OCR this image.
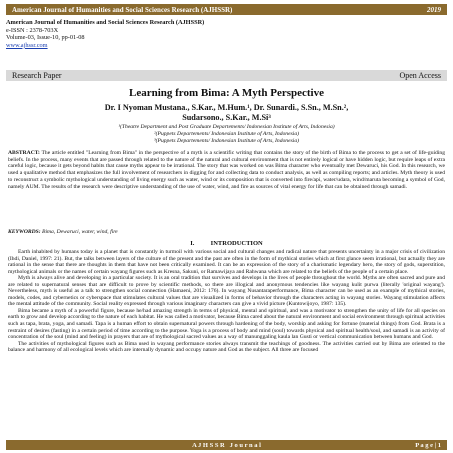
American Journal of Humanities and Social Sciences Research (AJHSSR)	2019
American Journal of Humanities and Social Sciences Research (AJHSSR)
e-ISSN : 2378-703X
Volume-03, Issue-10, pp-01-08
www.ajhssr.com
Research Paper	Open Access
Learning from Bima: A Myth Perspective
Dr. I Nyoman Mustana., S.Kar., M.Hum.¹, Dr. Sunardi., S.Sn., M.Sn.²,
Sudarsono., S.Kar., M.Si³
¹(Theatre Department and Post Graduate Departements/ Indonesian Institute of Arts, Indonesia)
²(Puppets Departements/ Indonesian Institute of Arts, Indonesia)
³(Puppets Departements/ Indonesian Institute of Arts, Indonesia)
ABSTRACT: The article entitled "Learning from Bima" in the perspective of a myth is a scientific writing that contains the story of the birth of Bima to the process to get a set of life-guiding beliefs. In the process, many events that are passed through related to the nature of the natural and cultural environment that is not entirely logical or have hidden logic, but require leaps of extra careful logic, because it gets beyond habits that cause myths appear to be irrational. The story that was worked on was Bima character who eventually met Dewaruci, his God. In this research, we used a qualitative method that emphasizes the full involvement of researchers in digging for and collecting data to conduct analysis, as well as compiling reports; and articles. Myth theory is used to reconstruct a symbolic mythological understanding of living energy such as water, wind or its composition that is converted into fire/api, water/udara, wind/maruta becoming a symbol of God, namely AUM. The results of the research were descriptive understanding of the use of water, wind, and fire as sources of vital energy for life that can be obtained through samadi.
KEYWORDS: Bima, Dewaruci, water, wind, fire
I.          INTRODUCTION

Earth inhabited by humans today is a planet that is constantly in turmoil with various social and cultural changes and radical nature that presents uncertainty in a major crisis of civilization (Ihdi, Daniel, 1997: 21). But, the talks between layers of the culture of the present and the past are often in the form of mythical stories which at first glance seem irrational, but actually they are rational in the sense that there are thoughts in them that have not been critically examined. It can be an expression of the story of a charismatic legendary hero, the story of gods, superstition, mythological animals or the names of certain wayang figures such as Kresna, Sakuni, or Ramawijaya and Rahwana which are related to the beliefs of the people of a certain place.

Myth is always alive and developing in a particular society. It is an oral tradition that survives and develops in the lives of people throughout the world. Myths are often sacred and pure and are related to supernatural senses that are difficult to prove by scientific methods, so there are illogical and anonymous tendencies like wayang kulit purwa (literally 'original wayang'). Nevertheless, myth is useful as a talk to strengthen social connection (Hamaeni, 2012: 176). In wayang Nusantaraperformance, Bima character can be used as an example of mythical stories, models, codes, and cybernetics or cyberspace that stimulates cultural values that are visualized in forms of behavior through the characters acting in wayang stories. Wayang stimulation affects the mental attitude of the community. Social reality expressed through various imaginary characters can give a vivid picture (Kuntowijoyo, 1987: 135).

Bima became a myth of a powerful figure, because he/had amazing strength in terms of physical, mental and spiritual, and was a motivator to strengthen the unity of life for all species on earth to grow and develop according to the nature of each habitat. He was called a motivator, because Bima cared about the natural environment and social environment through spiritual activities such as tapa, brata, yoga, and samadi. Tapa is a human effort to obtain supernatural powers through hardening of the body, worship and asking for fortune (material things) from God. Brata is a restraint of desires (fasting) in a certain period of time according to the purpose. Yoga is a process of body and mind (soul) towards physical and spiritual health/soul, and samadi is an activity of concentration of the soul (mind and feeling) in prayers that are of mythological sacred values as a way of manunggaling kaula lan Gusti or vertical communication between humans and God.

The activities of mythological figures such as Bima used in wayang performance stories always transmit the teachings of goodness. The activities carried out by Bima are oriented to the balance and harmony of all ecological levels which are internally dynamic and occupy nature and God as the subject. All three are focused

A J H S S R   J o u r n a l	P a g e | 1
